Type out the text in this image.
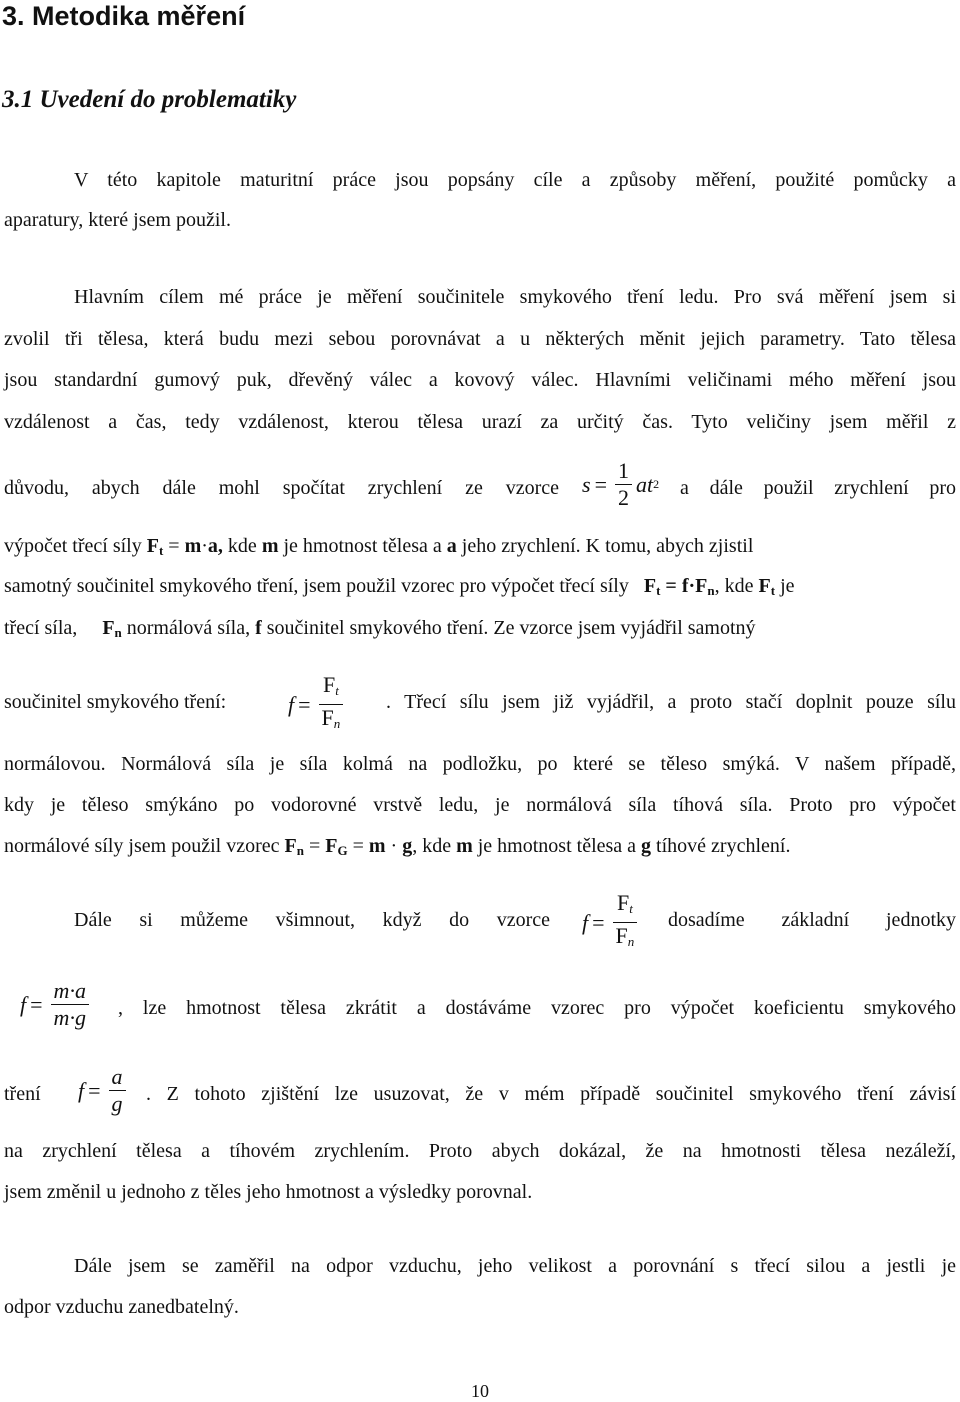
3. Metodika měření
3.1 Uvedení do problematiky
V této kapitole maturitní práce jsou popsány cíle a způsoby měření, použité pomůcky a
aparatury, které jsem použil.
Hlavním cílem mé práce je měření součinitele smykového tření ledu. Pro svá měření jsem si
zvolil tři tělesa, která budu mezi sebou porovnávat a u některých měnit jejich parametry. Tato tělesa
jsou standardní gumový puk, dřevěný válec a kovový válec. Hlavními veličinami mého měření jsou
vzdálenost a čas, tedy vzdálenost, kterou tělesa urazí za určitý čas. Tyto veličiny jsem měřil z
důvodu, abych dále mohl spočítat zrychlení ze vzorce $s = \frac{1}{2}$ at 2 a dále použil zrychlení pro
výpočet třecí síly $F_t = m\cdot a$, kde m je hmotnost tělesa a a jeho zrychlení. K tomu, abych zjistil
samotný součinitel smykového tření, jsem použil vzorec pro výpočet třecí síly $F_t = f\cdot F_n$, kde $F_t$ je
třecí síla, $F_n$ normálová síla, f součinitel smykového tření. Ze vzorce jsem vyjádřil samotný
součinitel smykového tření:	$f = \frac{F_t}{F_n}$ . Třecí sílu jsem již vyjádřil, a proto stačí doplnit pouze sílu
normálovou. Normálová síla je síla kolmá na podložku, po které se těleso smýká. V našem případě,
kdy je těleso smýkáno po vodorovné vrstvě ledu, je normálová síla tíhová síla. Proto pro výpočet
normálové síly jsem použil vzorec $F_n = F_G = m \cdot g$, kde m je hmotnost tělesa a g tíhové zrychlení.
Dále si můžeme všimnout, když do vzorce $f = \frac{F_t}{F_n}$ dosadíme základní jednotky
$f = \frac{m\cdot a}{m\cdot g}$ , lze hmotnost tělesa zkrátit a dostáváme vzorec pro výpočet koeficientu smykového
tření	$f = \frac{a}{g}$ . Z tohoto zjištění lze usuzovat, že v mém případě součinitel smykového tření závisí
na zrychlení tělesa a tíhovém zrychlením. Proto abych dokázal, že na hmotnosti tělesa nezáleží,
jsem změnil u jednoho z těles jeho hmotnost a výsledky porovnal.
Dále jsem se zaměřil na odpor vzduchu, jeho velikost a porovnání s třecí silou a jestli je
odpor vzduchu zanedbatelný.
10
